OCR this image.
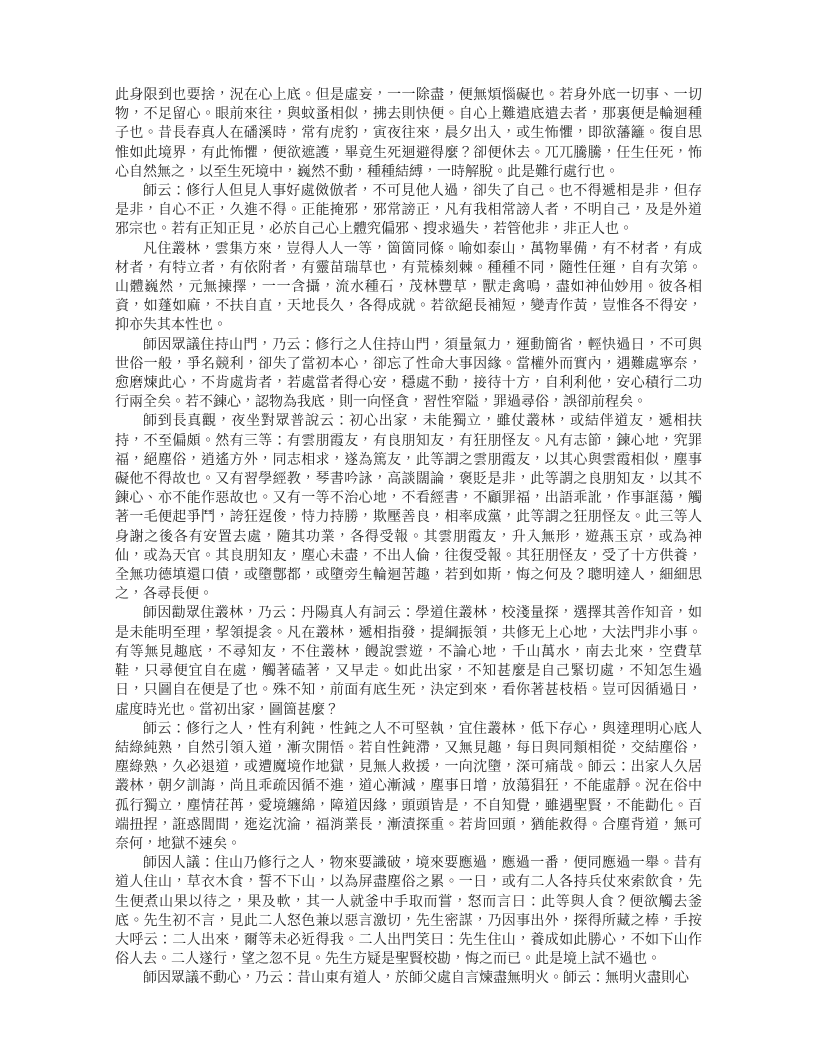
此身限到也要捨，況在心上底。但是虛妄，一一除盡，便無煩惱礙也。若身外底一切事、一切物，不足留心。眼前來往，與蚊蚤相似，拂去則快便。自心上難遣底遣去者，那裏便是輪迴種子也。昔長春真人在磻溪時，常有虎豹，寅夜往來，晨夕出入，或生怖懼，即欲藩籬。復自思惟如此境界，有此怖懼，便欲遮護，畢竟生死迴避得麼？卻便休去。兀兀騰騰，任生任死，怖心自然無之，以至生死境中，巍然不動，種種結縛，一時解脫。此是難行處行也。

師云：修行人但見人事好處傚倣者，不可見他人過，卻失了自己。也不得遞相是非，但存是非，自心不正，久進不得。正能掩邪，邪常謗正，凡有我相常謗人者，不明自己，及是外道邪宗也。若有正知正見，必於自己心上體究偏邪、搜求過失，若管他非，非正人也。

凡住叢林，雲集方來，豈得人人一等，箇箇同條。喻如泰山，萬物畢備，有不材者，有成材者，有特立者，有依附者，有靈苗瑞草也，有荒榛刻棘。種種不同，隨性任運，自有次第。山體巍然，元無揀擇，一一含攝，流水種石，茂林豐草，獸走禽鳴，盡如神仙妙用。彼各相資，如蓬如麻，不扶自直，天地長久，各得成就。若欲絕長補短，變青作黃，豈惟各不得安，抑亦失其本性也。

師因眾議住持山門，乃云：修行之人住持山門，須量氣力，運動簡省，輕快過日，不可與世俗一般，爭名競利，卻失了當初本心，卻忘了性命大事因緣。當權外而實內，遇難處寧奈，愈磨煉此心，不肯處肯者，若處當者得心安，穩處不動，接待十方，自利利他，安心積行二功行兩全矣。若不鍊心，認物為我底，則一向怪貪，習性窄隘，罪過尋俗，誤卻前程矣。

師到長真觀，夜坐對眾普說云：初心出家，未能獨立，雖仗叢林，或結伴道友，遞相扶持，不至偏頗。然有三等：有雲朋霞友，有良朋知友，有狂朋怪友。凡有志節，鍊心地，究罪福，絕塵俗，逍遙方外，同志相求，遂為篤友，此等謂之雲朋霞友，以其心與雲霞相似，塵事礙他不得故也。又有習學經教，琴書吟詠，高談闊論，褒貶是非，此等謂之良朋知友，以其不鍊心、亦不能作惡故也。又有一等不治心地，不看經書，不顧罪福，出語乖訛，作事誆蕩，觸著一毛便起爭鬥，誇狂逞俊，恃力持勝，欺壓善良，相率成黨，此等謂之狂朋怪友。此三等人身謝之後各有安置去處，隨其功業，各得受報。其雲朋霞友，升入無形，遊燕玉京，或為神仙，或為天官。其良朋知友，塵心未盡，不出人倫，往復受報。其狂朋怪友，受了十方供養，全無功德填還口債，或墮鄷都，或墮旁生輪迴苦趣，若到如斯，悔之何及？聰明達人，細細思之，各尋長便。

師因勸眾住叢林，乃云：丹陽真人有詞云：學道住叢林，校淺量探，選擇其善作知音，如是未能明至理，挈領提衾。凡在叢林，遞相指發，提綱振領，共修无上心地，大法門非小事。有等無見趣底，不尋知友，不住叢林，饅說雲遊，不論心地，千山萬水，南去北來，空費草鞋，只尋便宜自在處，觸著磕著，又早走。如此出家，不知甚麼是自己緊切處，不知怎生過日，只圖自在便是了也。殊不知，前面有底生死，決定到來，看你著甚枝梧。豈可因循過日，虛度時光也。當初出家，圖箇甚麼？

師云：修行之人，性有利鈍，性鈍之人不可堅執，宜住叢林，低下存心，與達理明心底人結綠純熟，自然引領入道，漸次開悟。若自性鈍滯，又無見趣，每日與同類相從，交結塵俗，塵綠熟，久必退道，或遭魔境作地獄，見無人救援，一向沈墮，深可痛哉。師云：出家人久居叢林，朝夕訓誨，尚且乖疏因循不進，道心漸減，塵事日增，放蕩猖狂，不能虛靜。況在俗中孤行獨立，塵情茌苒，愛境纏綿，障道因緣，頭頭皆是，不自知覺，雖遇聖賢，不能勸化。百端扭捏，誑惑閭間，迤迄沈淪，福消業長，漸漬探重。若肯回頭，猶能救得。合塵背道，無可奈何，地獄不速矣。

師因人議：住山乃修行之人，物來要識破，境來要應過，應過一番，便同應過一舉。昔有道人住山，草衣木食，誓不下山，以為屏盡塵俗之累。一日，或有二人各持兵仗來索飲食，先生便煮山果以待之，果及軟，其一人就釜中手取而嘗，怒而言曰：此等與人食？便欲觸去釜底。先生初不言，見此二人怒色兼以惡言激切，先生密謀，乃因事出外，探得所藏之棒，手按大呼云：二人出來，爾等未必近得我。二人出門笑曰：先生住山，養成如此勝心，不如下山作俗人去。二人遂行，望之忽不見。先生方疑是聖賢校勘，悔之而已。此是境上試不過也。

師因眾議不動心，乃云：昔山東有道人，於師父處自言煉盡無明火。師云：無明火盡則心
